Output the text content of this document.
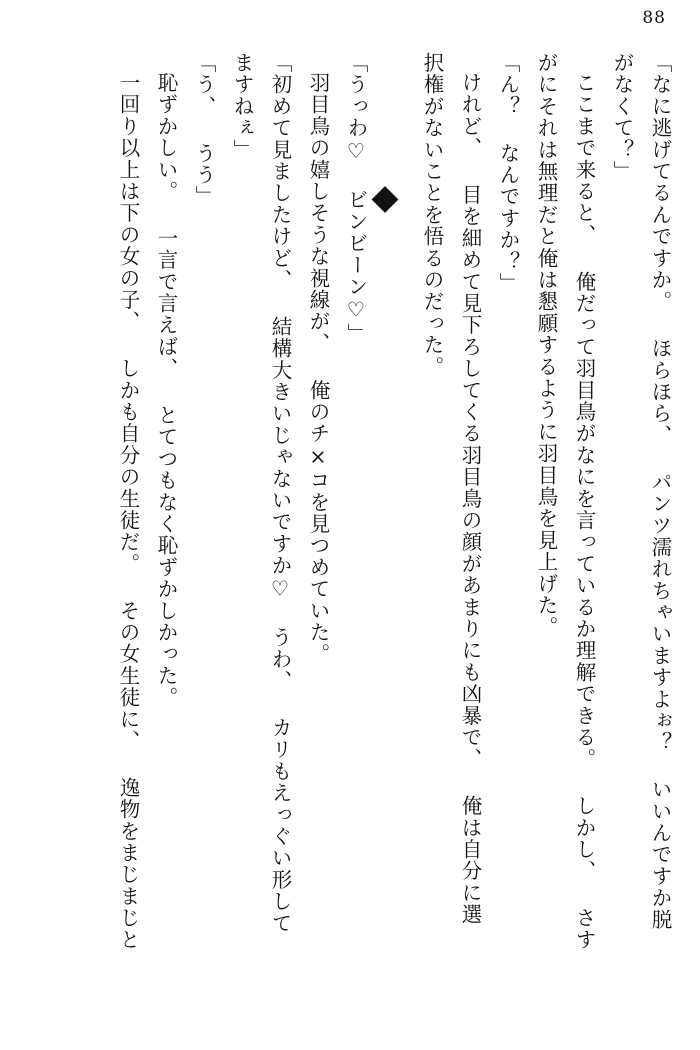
88
「なに逃げてるんですか。 ほらほら、 パンツ濡れちゃいますよぉ？ いいんですか脱
がなくて？」
ここまで来ると、 俺だって羽目鳥がなにを言っているか理解できる。 しかし、 さす
がにそれは無理だと俺は懇願するように羽目鳥を見上げた。
「ん？ なんですか？」
けれど、 目を細めて見下ろしてくる羽目鳥の顔があまりにも凶暴で、 俺は自分に選
択権がないことを悟るのだった。
「うっわ♡ ビンビーン♡」
羽目鳥の嬉しそうな視線が、 俺のチ×コを見つめていた。
「初めて見ましたけど、 結構大きいじゃないですか♡ うわ、 カリもえっぐい形して
ますねぇ」
「う、 うう」
恥ずかしい。 一言で言えば、 とてつもなく恥ずかしかった。
一回り以上は下の女の子、 しかも自分の生徒だ。 その女生徒に、 逸物をまじまじと
